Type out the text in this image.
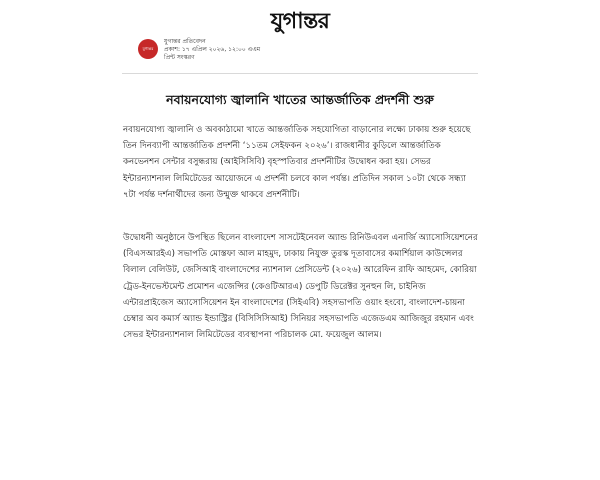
যুগান্তর
যুগান্তর
যুগান্তর প্রতিবেদন
প্রকাশ: ১৭ এপ্রিল ২০২৬, ১২:০০ এএম
প্রিন্ট সংস্করণ
নবায়নযোগ্য জ্বালানি খাতের আন্তর্জাতিক প্রদর্শনী শুরু

নবায়নযোগ্য জ্বালানি ও অবকাঠামো খাতে আন্তর্জাতিক সহযোগিতা বাড়ানোর লক্ষ্যে ঢাকায় শুরু হয়েছে তিন দিনব্যাপী আন্তর্জাতিক প্রদর্শনী ‘১১তম সেইফকন ২০২৬’। রাজধানীর কুড়িলে আন্তর্জাতিক কনভেনশন সেন্টার বসুন্ধরায় (আইসিসিবি) বৃহস্পতিবার প্রদর্শনীটির উদ্বোধন করা হয়। সেভর ইন্টারন্যাশনাল লিমিটেডের আয়োজনে এ প্রদর্শনী চলবে কাল পর্যন্ত। প্রতিদিন সকাল ১০টা থেকে সন্ধ্যা ৭টা পর্যন্ত দর্শনার্থীদের জন্য উন্মুক্ত থাকবে প্রদর্শনীটি।

উদ্বোধনী অনুষ্ঠানে উপস্থিত ছিলেন বাংলাদেশ সাসটেইনেবল অ্যান্ড রিনিউএবল এনার্জি অ্যাসোসিয়েশনের (বিএসআরইএ) সভাপতি মোস্তফা আল মাহমুদ, ঢাকায় নিযুক্ত তুরস্ক দূতাবাসের কমার্শিয়াল কাউন্সেলর বিলাল বেলিউট, জেসিআই বাংলাদেশের ন্যাশনাল প্রেসিডেন্ট (২০২৬) আরেফিন রাফি আহমেদ, কোরিয়া ট্রেড-ইনভেস্টমেন্ট প্রমোশন এজেন্সির (কেওটিআরএ) ডেপুটি ডিরেক্টর সুনহুন লি, চাইনিজ এন্টারপ্রাইজেস অ্যাসোসিয়েশন ইন বাংলাদেশের (সিইএবি) সহসভাপতি ওয়াং হংবো, বাংলাদেশ-চায়না চেম্বার অব কমার্স অ্যান্ড ইন্ডাস্ট্রির (বিসিসিসিআই) সিনিয়র সহসভাপতি এজেডএম আজিজুর রহমান এবং সেভর ইন্টারন্যাশনাল লিমিটেডের ব্যবস্থাপনা পরিচালক মো. ফয়েজুল আলম।
